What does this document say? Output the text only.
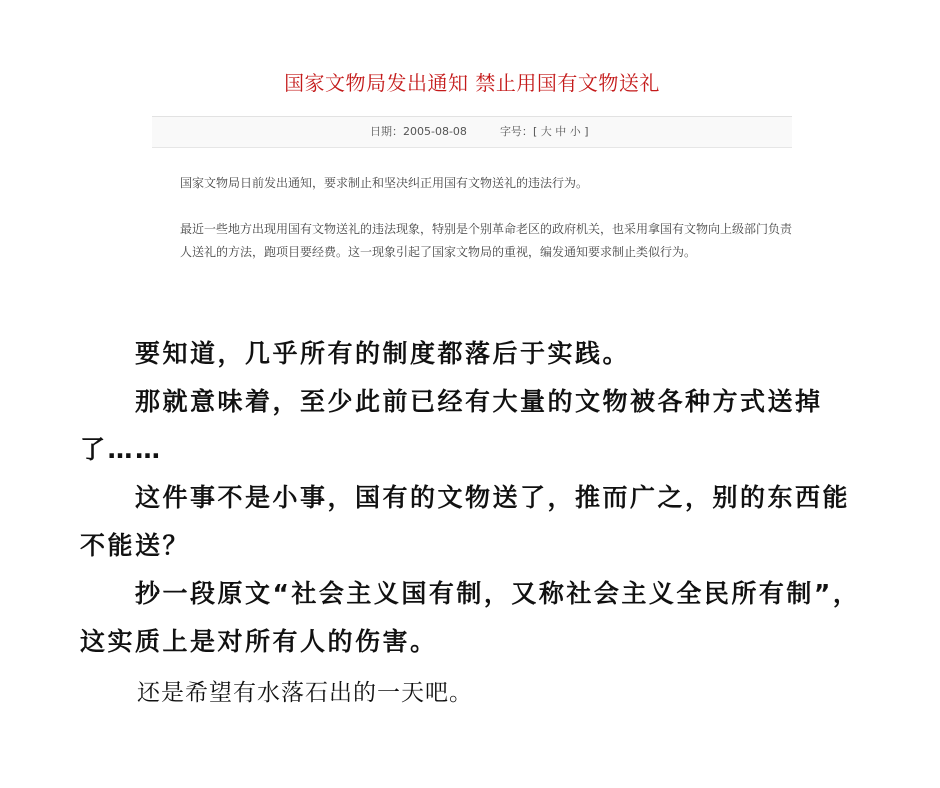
国家文物局发出通知 禁止用国有文物送礼
日期：2005-08-08	字号：[ 大 中 小 ]

国家文物局日前发出通知，要求制止和坚决纠正用国有文物送礼的违法行为。

最近一些地方出现用国有文物送礼的违法现象，特别是个别革命老区的政府机关，也采用拿国有文物向上级部门负责人送礼的方法，跑项目要经费。这一现象引起了国家文物局的重视，编发通知要求制止类似行为。

要知道，几乎所有的制度都落后于实践。

那就意味着，至少此前已经有大量的文物被各种方式送掉了……

这件事不是小事，国有的文物送了，推而广之，别的东西能不能送？

抄一段原文“社会主义国有制，又称社会主义全民所有制”，这实质上是对所有人的伤害。

还是希望有水落石出的一天吧。
